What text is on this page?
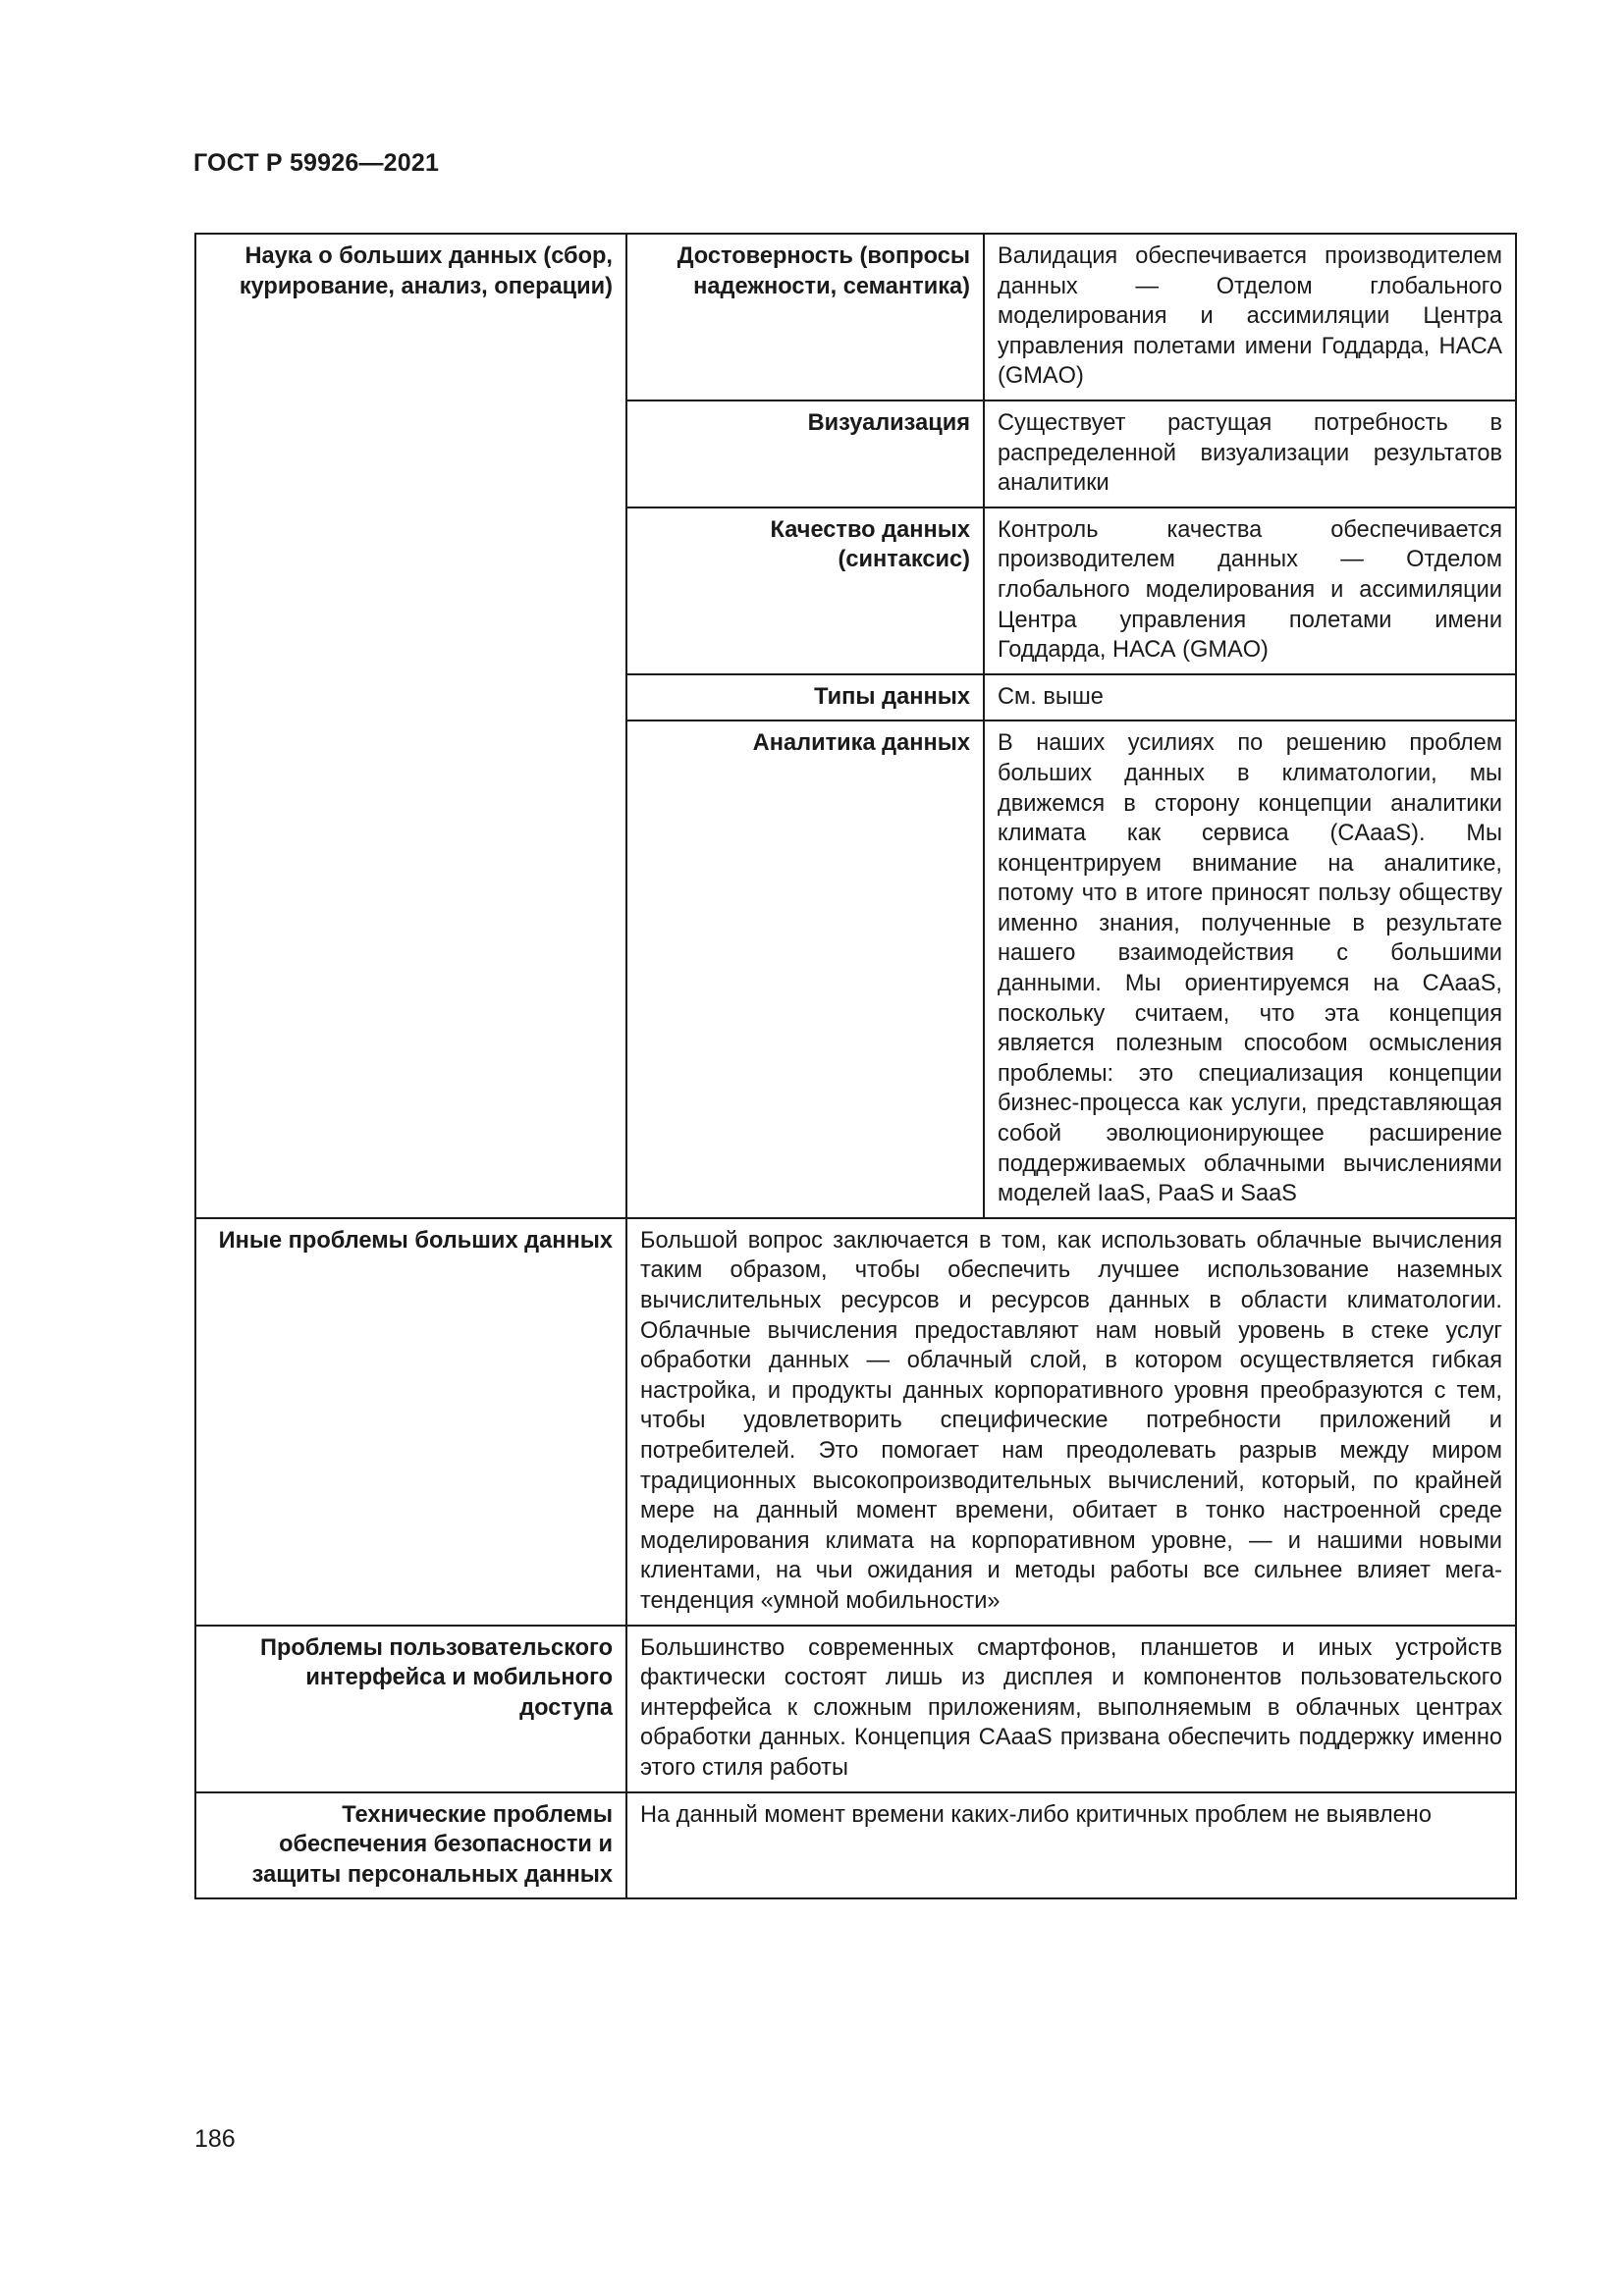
ГОСТ Р 59926—2021
Наука о больших данных (сбор, курирование, анализ, операции)	Достоверность (вопросы надежности, семантика)	Валидация обеспечивается производителем данных — Отделом глобального моделирования и ассимиляции Центра управления полетами имени Годдарда, НАСА (GMAO)
	Визуализация	Существует растущая потребность в распределенной визуализации результатов аналитики
	Качество данных (синтаксис)	Контроль качества обеспечивается производителем данных — Отделом глобального моделирования и ассимиляции Центра управления полетами имени Годдарда, НАСА (GMAO)
	Типы данных	См. выше
	Аналитика данных	В наших усилиях по решению проблем больших данных в климатологии, мы движемся в сторону концепции аналитики климата как сервиса (CAaaS). Мы концентрируем внимание на аналитике, потому что в итоге приносят пользу обществу именно знания, полученные в результате нашего взаимодействия с большими данными. Мы ориентируемся на CAaaS, поскольку считаем, что эта концепция является полезным способом осмысления проблемы: это специализация концепции бизнес-процесса как услуги, представляющая собой эволюционирующее расширение поддерживаемых облачными вычислениями моделей IaaS, PaaS и SaaS
Иные проблемы больших данных	Большой вопрос заключается в том, как использовать облачные вычисления таким образом, чтобы обеспечить лучшее использование наземных вычислительных ресурсов и ресурсов данных в области климатологии. Облачные вычисления предоставляют нам новый уровень в стеке услуг обработки данных — облачный слой, в котором осуществляется гибкая настройка, и продукты данных корпоративного уровня преобразуются с тем, чтобы удовлетворить специфические потребности приложений и потребителей. Это помогает нам преодолевать разрыв между миром традиционных высокопроизводительных вычислений, который, по крайней мере на данный момент времени, обитает в тонко настроенной среде моделирования климата на корпоративном уровне, — и нашими новыми клиентами, на чьи ожидания и методы работы все сильнее влияет мега-тенденция «умной мобильности»	
Проблемы пользовательского интерфейса и мобильного доступа	Большинство современных смартфонов, планшетов и иных устройств фактически состоят лишь из дисплея и компонентов пользовательского интерфейса к сложным приложениям, выполняемым в облачных центрах обработки данных. Концепция CAaaS призвана обеспечить поддержку именно этого стиля работы	
Технические проблемы обеспечения безопасности и защиты персональных данных	На данный момент времени каких-либо критичных проблем не выявлено	
186
